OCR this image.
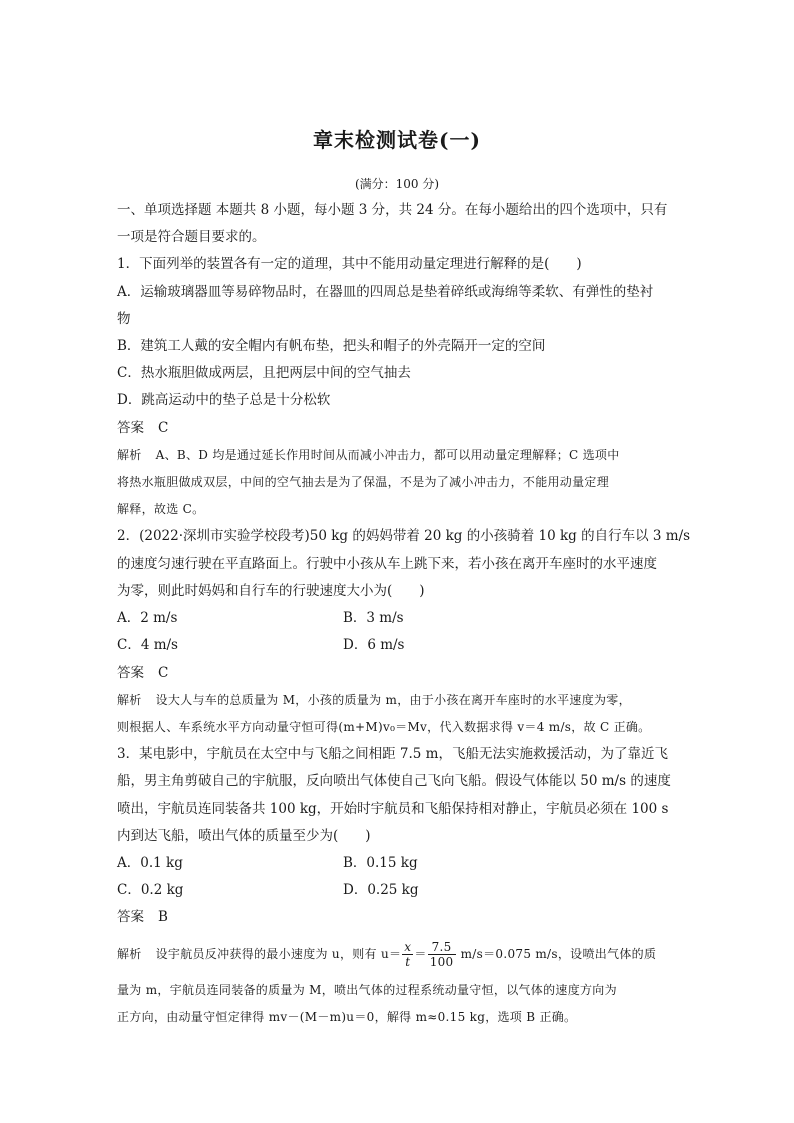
章末检测试卷(一)
(满分：100 分)
一、单项选择题 本题共 8 小题，每小题 3 分，共 24 分。在每小题给出的四个选项中，只有
一项是符合题目要求的。
1．下面列举的装置各有一定的道理，其中不能用动量定理进行解释的是(　　)
A．运输玻璃器皿等易碎物品时，在器皿的四周总是垫着碎纸或海绵等柔软、有弹性的垫衬
物
B．建筑工人戴的安全帽内有帆布垫，把头和帽子的外壳隔开一定的空间
C．热水瓶胆做成两层，且把两层中间的空气抽去
D．跳高运动中的垫子总是十分松软
答案 C
解析 A、B、D 均是通过延长作用时间从而减小冲击力，都可以用动量定理解释；C 选项中
将热水瓶胆做成双层，中间的空气抽去是为了保温，不是为了减小冲击力，不能用动量定理
解释，故选 C。
2．(2022·深圳市实验学校段考)50 kg 的妈妈带着 20 kg 的小孩骑着 10 kg 的自行车以 3 m/s
的速度匀速行驶在平直路面上。行驶中小孩从车上跳下来，若小孩在离开车座时的水平速度
为零，则此时妈妈和自行车的行驶速度大小为(　　)
A．2 m/s	B．3 m/s
C．4 m/s	D．6 m/s
答案 C
解析 设大人与车的总质量为 M，小孩的质量为 m，由于小孩在离开车座时的水平速度为零，
则根据人、车系统水平方向动量守恒可得(m+M)v₀＝Mv，代入数据求得 v＝4 m/s，故 C 正确。
3．某电影中，宇航员在太空中与飞船之间相距 7.5 m，飞船无法实施救援活动，为了靠近飞
船，男主角剪破自己的宇航服，反向喷出气体使自己飞向飞船。假设气体能以 50 m/s 的速度
喷出，宇航员连同装备共 100 kg，开始时宇航员和飞船保持相对静止，宇航员必须在 100 s
内到达飞船，喷出气体的质量至少为(　　)
A．0.1 kg	B．0.15 kg
C．0.2 kg	D．0.25 kg
答案 B
解析 设宇航员反冲获得的最小速度为 u，则有 $u= \frac{x}{t} = \frac{7.5}{100} m/s=0.075$ m/s，设喷出气体的质
量为 m，宇航员连同装备的质量为 M，喷出气体的过程系统动量守恒，以气体的速度方向为
正方向，由动量守恒定律得 mv－(M－m)u＝0，解得 m≈0.15 kg，选项 B 正确。
